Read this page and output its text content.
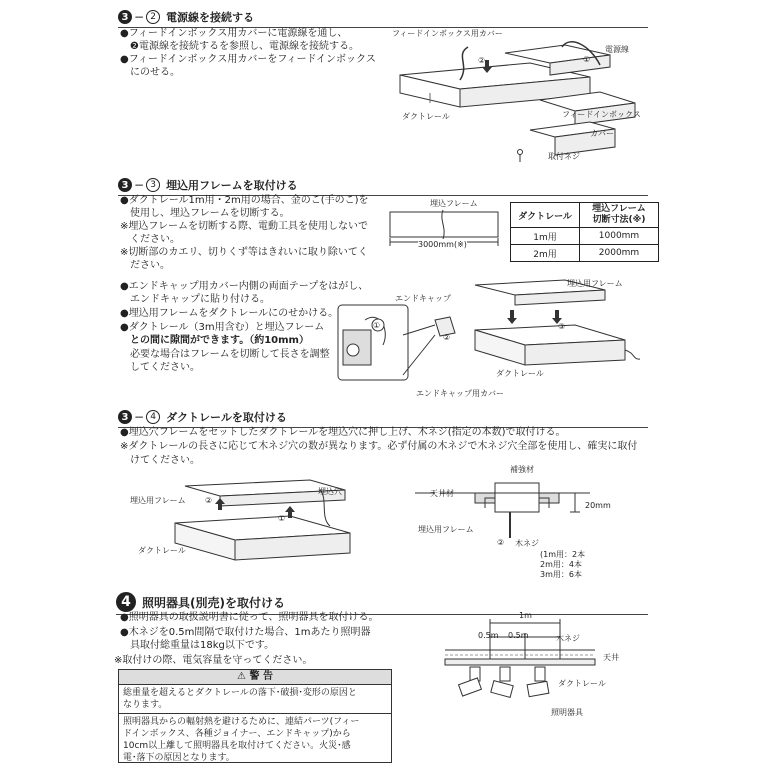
3 − 2 電源線を接続する
●フィードインボックス用カバーに電源線を通し、
　❷電源線を接続するを参照し、電源線を接続する。
●フィードインボックス用カバーをフィードインボックス
　にのせる。
フィードインボックス用カバー
電源線
①
②
ダクトレール	フィードインボックス
カバー
取付ネジ
3 − 3 埋込用フレームを取付ける
●ダクトレール1m用・2m用の場合、金のこ(手のこ)を
　使用し、埋込フレームを切断する。
※埋込フレームを切断する際、電動工具を使用しないで
　ください。
※切断部のカエリ、切りくず等はきれいに取り除いてく
　ださい。
埋込フレーム
3000mm(※)
ダクトレール	埋込フレーム
切断寸法(※)
1m用	1000mm
2m用	2000mm
●エンドキャップ用カバー内側の両面テープをはがし、
　エンドキャップに貼り付ける。
●埋込用フレームをダクトレールにのせかける。
●ダクトレール（3m用含む）と埋込フレーム
　との間に隙間ができます。（約10mm）
　必要な場合はフレームを切断して長さを調整
　してください。
埋込用フレーム
エンドキャップ
①
②
③
ダクトレール
エンドキャップ用カバー
3 − 4 ダクトレールを取付ける
●埋込穴フレームをセットしたダクトレールを埋込穴に押し上げ、木ネジ(指定の本数)で取付ける。
※ダクトレールの長さに応じて木ネジ穴の数が異なります。必ず付属の木ネジで木ネジ穴全部を使用し、確実に取付
　けてください。
埋込穴
埋込用フレーム ②
①
ダクトレール
補強材
天井材
20mm
埋込用フレーム
② 木ネジ
(1m用：2本
2m用：4本
3m用：6本
4 照明器具(別売)を取付ける
●照明器具の取扱説明書に従って、照明器具を取付ける。
●木ネジを0.5m間隔で取付けた場合、1mあたり照明器
　具取付総重量は18kg以下です。
※取付けの際、電気容量を守ってください。
⚠ 警 告
総重量を超えるとダクトレールの落下･破損･変形の原因と
なります。
照明器具からの輻射熱を避けるために、連結パーツ(フィー
ドインボックス、各種ジョイナー、エンドキャップ)から
10cm以上離して照明器具を取付けてください。火災･感
電･落下の原因となります。
1m
0.5m 0.5m	木ネジ
天井
ダクトレール
照明器具
